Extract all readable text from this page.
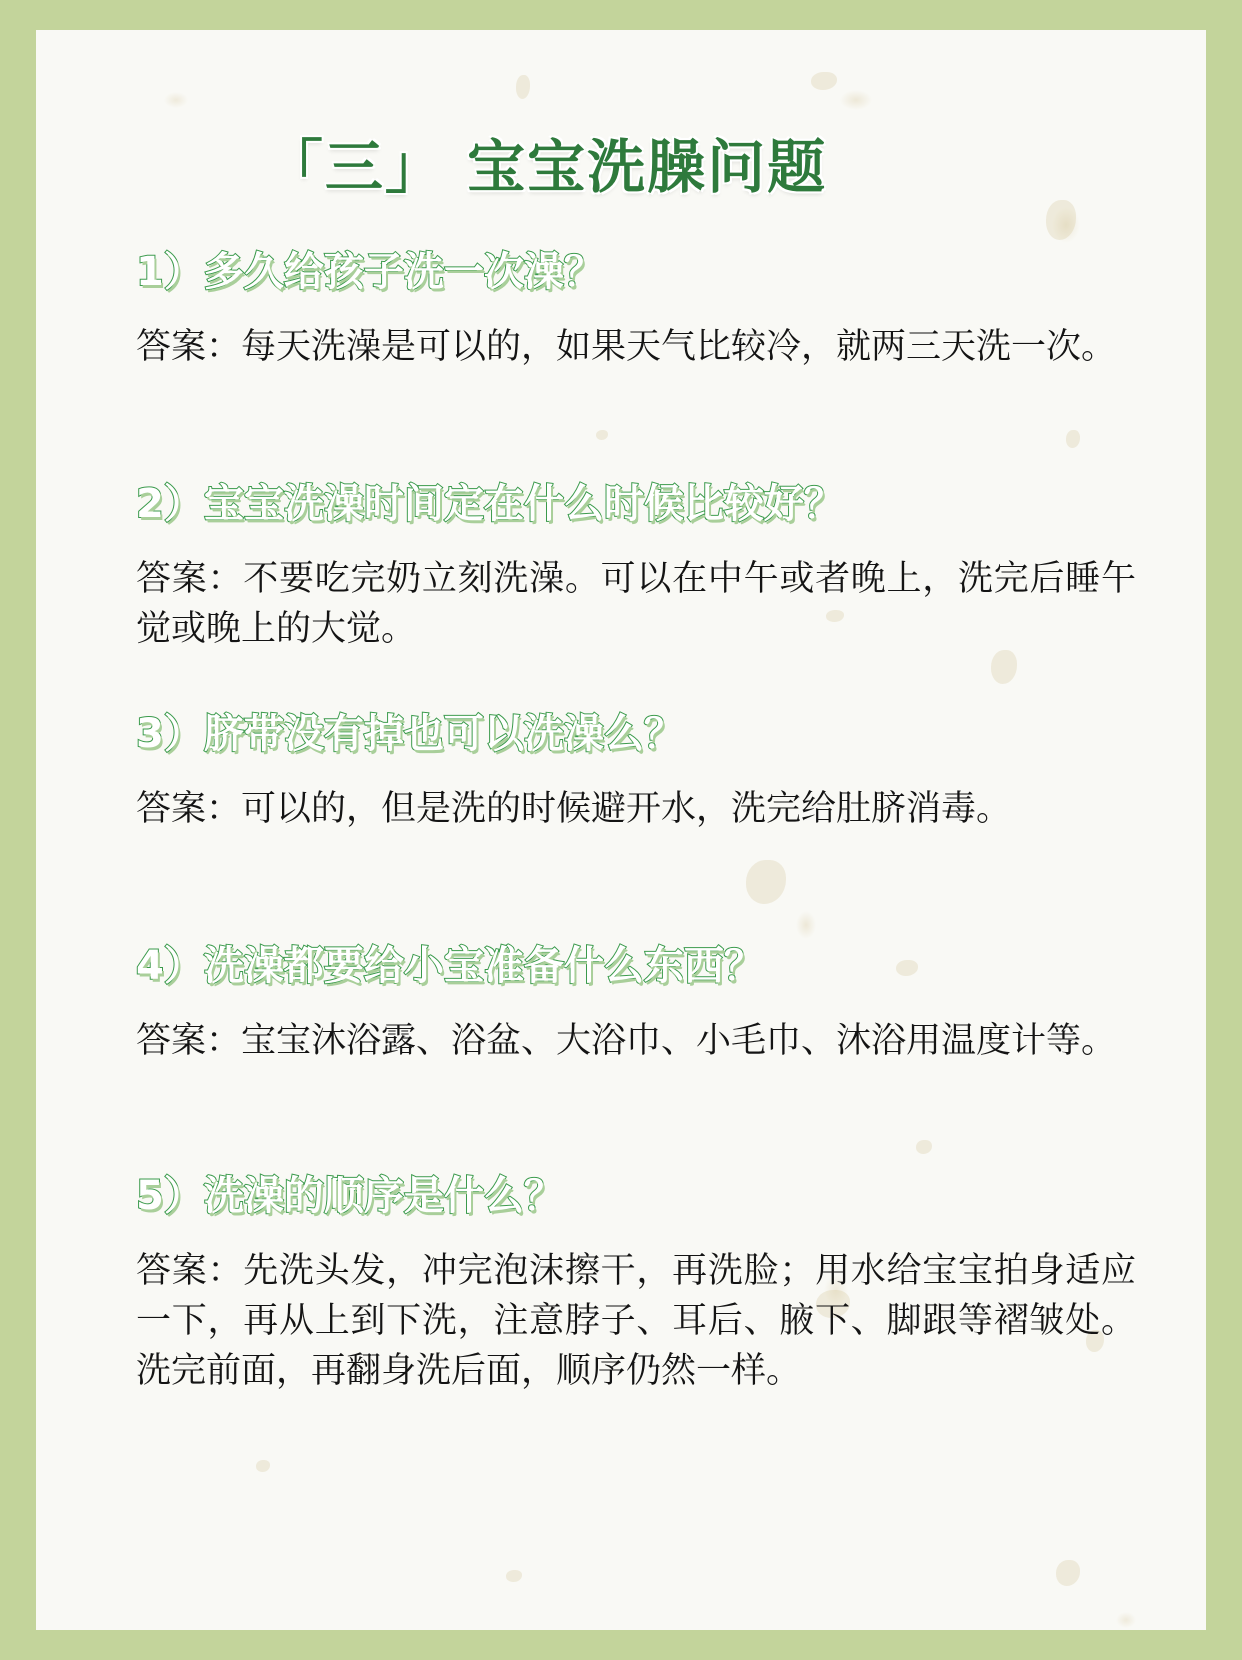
「三」 宝宝洗臊问题

1）多久给孩子洗一次澡？

答案：每天洗澡是可以的，如果天气比较冷，就两三天洗一次。

2）宝宝洗澡时间定在什么时候比较好？

答案：不要吃完奶立刻洗澡。可以在中午或者晚上，洗完后睡午觉或晚上的大觉。

3）脐带没有掉也可以洗澡么？

答案：可以的，但是洗的时候避开水，洗完给肚脐消毒。

4）洗澡都要给小宝准备什么东西？

答案：宝宝沐浴露、浴盆、大浴巾、小毛巾、沐浴用温度计等。

5）洗澡的顺序是什么？

答案：先洗头发，冲完泡沫擦干，再洗脸；用水给宝宝拍身适应一下，再从上到下洗，注意脖子、耳后、腋下、脚跟等褶皱处。洗完前面，再翻身洗后面，顺序仍然一样。
